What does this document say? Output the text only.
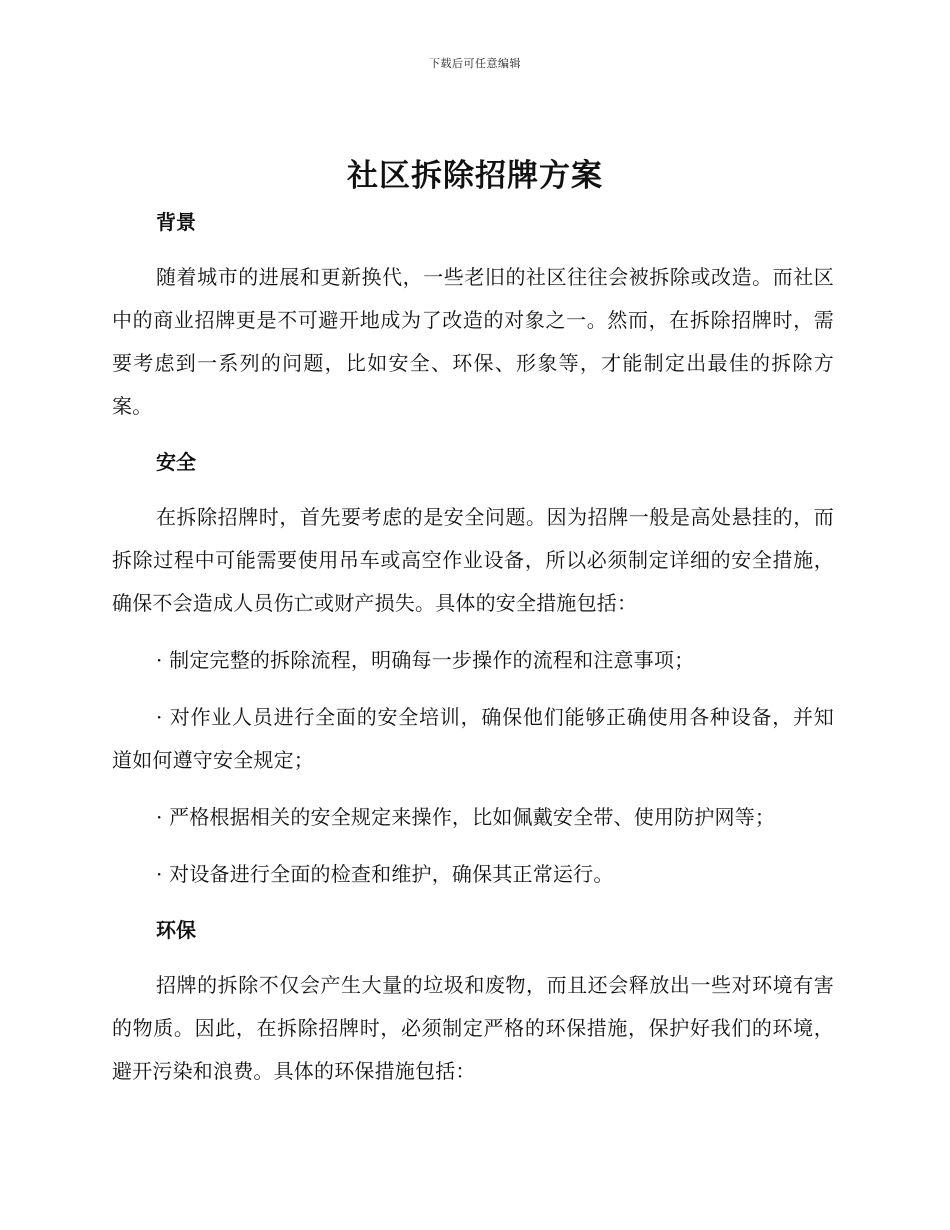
下载后可任意编辑
社区拆除招牌方案
背景

随着城市的进展和更新换代，一些老旧的社区往往会被拆除或改造。而社区中的商业招牌更是不可避开地成为了改造的对象之一。然而，在拆除招牌时，需要考虑到一系列的问题，比如安全、环保、形象等，才能制定出最佳的拆除方案。

安全

在拆除招牌时，首先要考虑的是安全问题。因为招牌一般是高处悬挂的，而拆除过程中可能需要使用吊车或高空作业设备，所以必须制定详细的安全措施，确保不会造成人员伤亡或财产损失。具体的安全措施包括：

· 制定完整的拆除流程，明确每一步操作的流程和注意事项；

· 对作业人员进行全面的安全培训，确保他们能够正确使用各种设备，并知道如何遵守安全规定；

· 严格根据相关的安全规定来操作，比如佩戴安全带、使用防护网等；

· 对设备进行全面的检查和维护，确保其正常运行。

环保

招牌的拆除不仅会产生大量的垃圾和废物，而且还会释放出一些对环境有害的物质。因此，在拆除招牌时，必须制定严格的环保措施，保护好我们的环境，避开污染和浪费。具体的环保措施包括：
